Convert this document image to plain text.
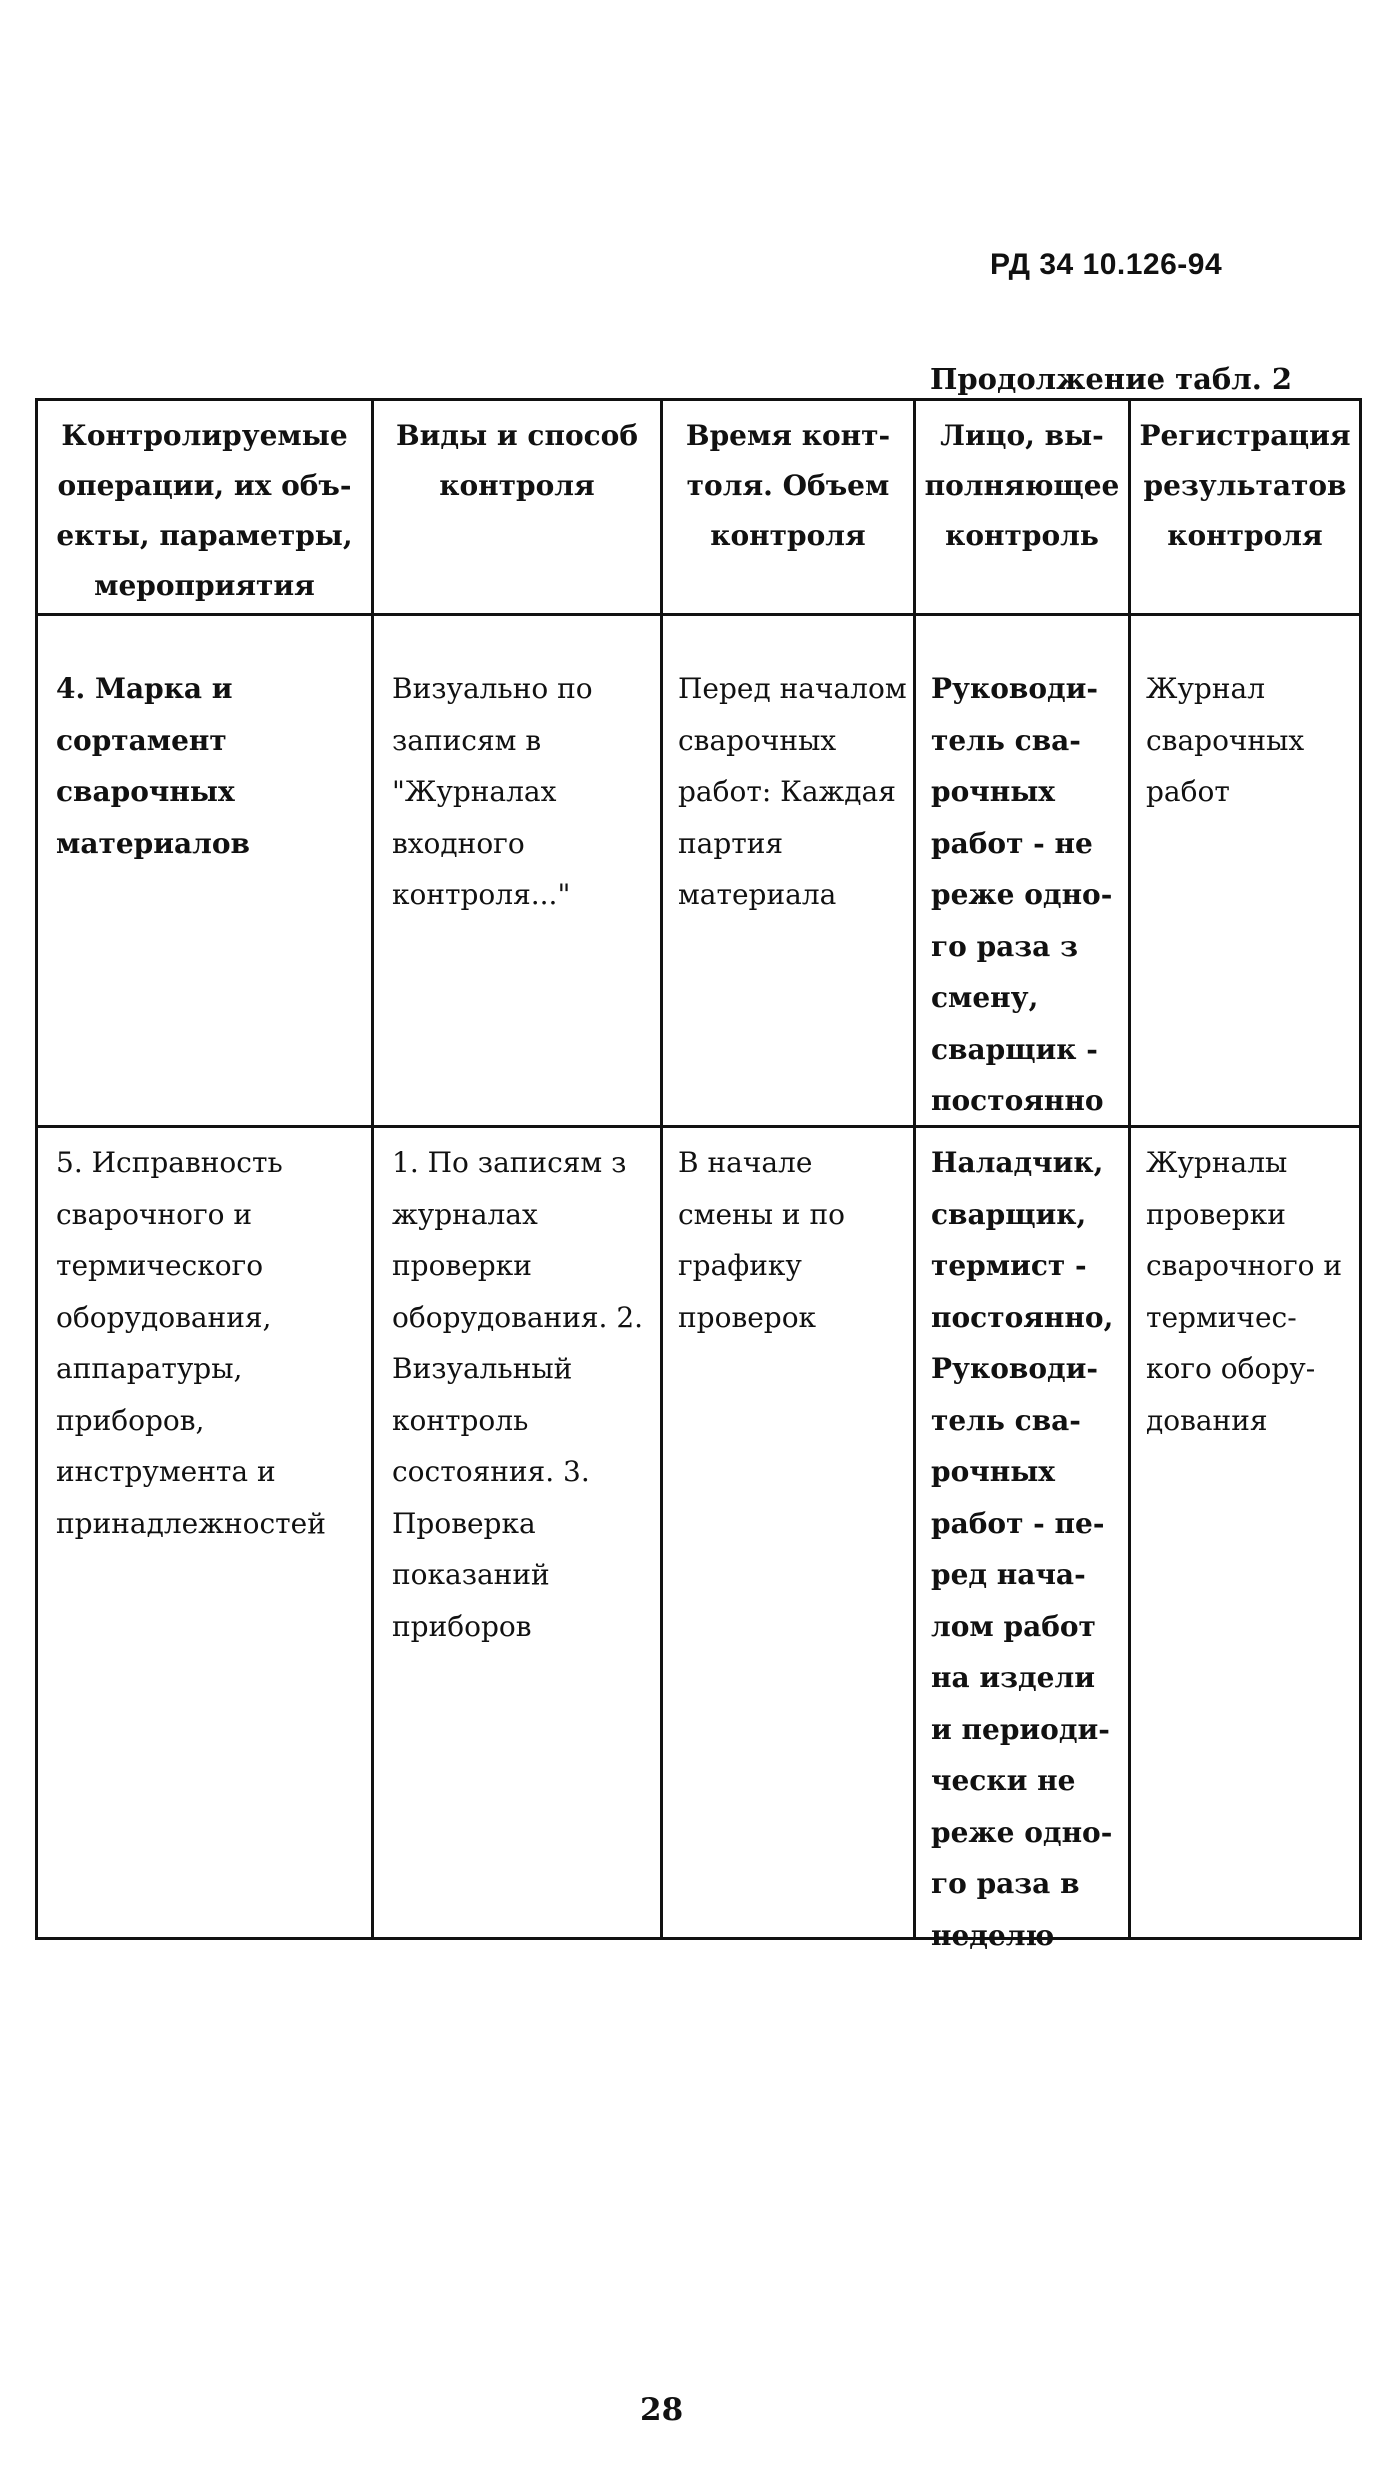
РД 34 10.126-94
Продолжение табл. 2
Контролируемые операции, их объ-екты, параметры, мероприятия
Виды и способ контроля
Время конт-толя. Объем контроля
Лицо, вы-полняющее контроль
Регистрация результатов контроля
4. Марка и сортамент сварочных материалов
Визуально по записям в "Журналах входного контроля..."
Перед началом сварочных работ: Каждая партия материала
Руководи-тель сва-рочных работ - не реже одно-го раза з смену, сварщик - постоянно
Журнал сварочных работ
5. Исправность сварочного и термического оборудования, аппаратуры, приборов, инструмента и принадлежностей
1. По записям з журналах проверки оборудования. 2. Визуальный контроль состояния. 3. Проверка показаний приборов
В начале смены и по графику проверок
Наладчик, сварщик, термист - постоянно, Руководи-тель сва-рочных работ - пе-ред нача-лом работ на издели и периоди-чески не реже одно-го раза в неделю
Журналы проверки сварочного и термичес-кого обору-дования
28
